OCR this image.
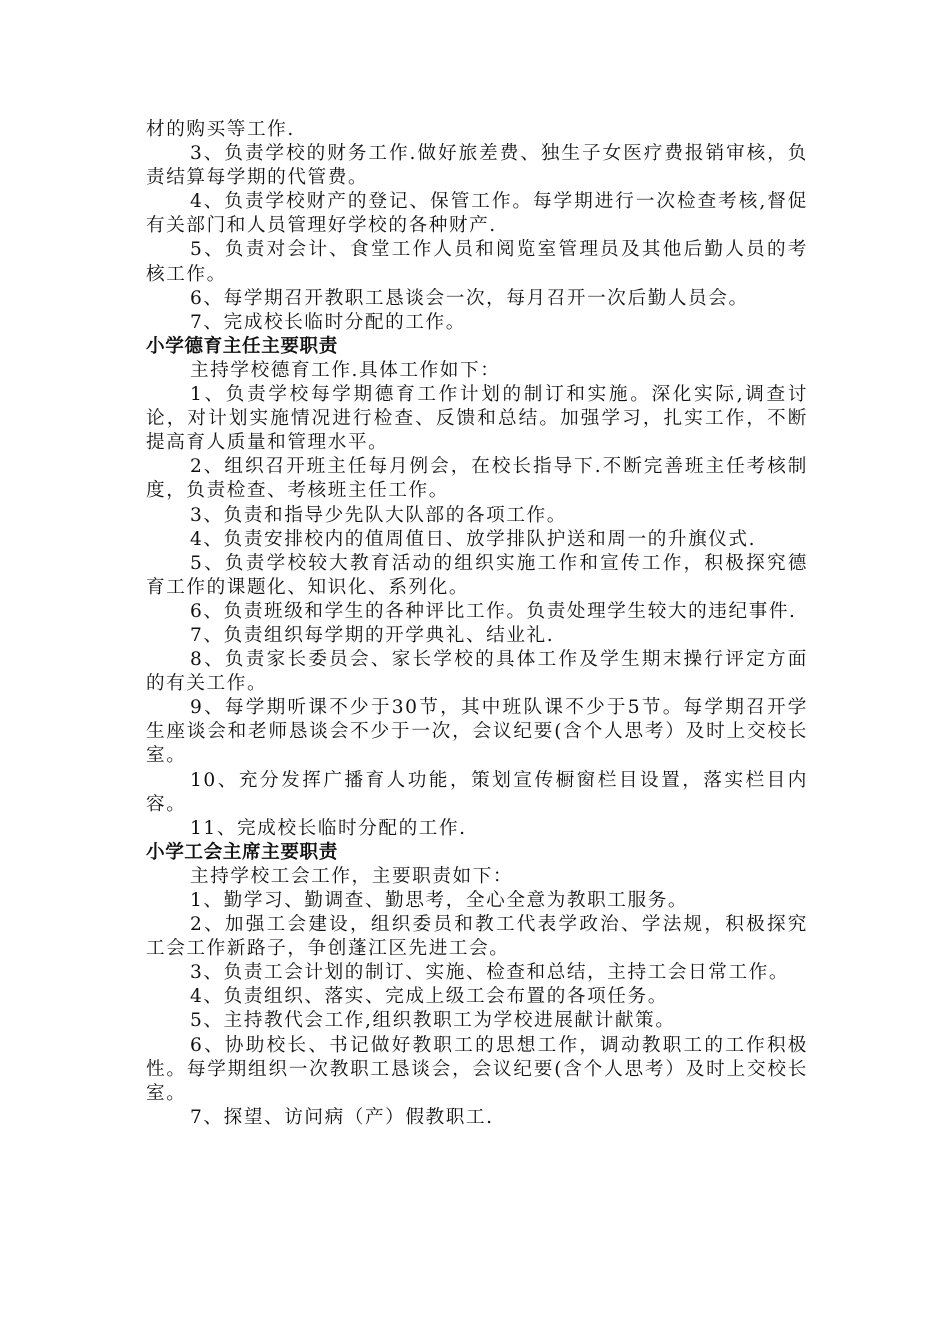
材的购买等工作.

3、负责学校的财务工作.做好旅差费、独生子女医疗费报销审核，负责结算每学期的代管费。

4、负责学校财产的登记、保管工作。每学期进行一次检查考核,督促有关部门和人员管理好学校的各种财产.

5、负责对会计、食堂工作人员和阅览室管理员及其他后勤人员的考核工作。

6、每学期召开教职工恳谈会一次，每月召开一次后勤人员会。

7、完成校长临时分配的工作。

小学德育主任主要职责

主持学校德育工作.具体工作如下：

1、负责学校每学期德育工作计划的制订和实施。深化实际,调查讨论，对计划实施情况进行检查、反馈和总结。加强学习，扎实工作，不断提高育人质量和管理水平。

2、组织召开班主任每月例会，在校长指导下.不断完善班主任考核制度，负责检查、考核班主任工作。

3、负责和指导少先队大队部的各项工作。

4、负责安排校内的值周值日、放学排队护送和周一的升旗仪式.

5、负责学校较大教育活动的组织实施工作和宣传工作，积极探究德育工作的课题化、知识化、系列化。

6、负责班级和学生的各种评比工作。负责处理学生较大的违纪事件.

7、负责组织每学期的开学典礼、结业礼.

8、负责家长委员会、家长学校的具体工作及学生期末操行评定方面的有关工作。

9、每学期听课不少于30节，其中班队课不少于5节。每学期召开学生座谈会和老师恳谈会不少于一次，会议纪要(含个人思考）及时上交校长室。

10、充分发挥广播育人功能，策划宣传橱窗栏目设置，落实栏目内容。

11、完成校长临时分配的工作.

小学工会主席主要职责

主持学校工会工作，主要职责如下：

1、勤学习、勤调查、勤思考，全心全意为教职工服务。

2、加强工会建设，组织委员和教工代表学政治、学法规，积极探究工会工作新路子，争创蓬江区先进工会。

3、负责工会计划的制订、实施、检查和总结，主持工会日常工作。

4、负责组织、落实、完成上级工会布置的各项任务。

5、主持教代会工作,组织教职工为学校进展献计献策。

6、协助校长、书记做好教职工的思想工作，调动教职工的工作积极性。每学期组织一次教职工恳谈会，会议纪要(含个人思考）及时上交校长室。

7、探望、访问病（产）假教职工.
